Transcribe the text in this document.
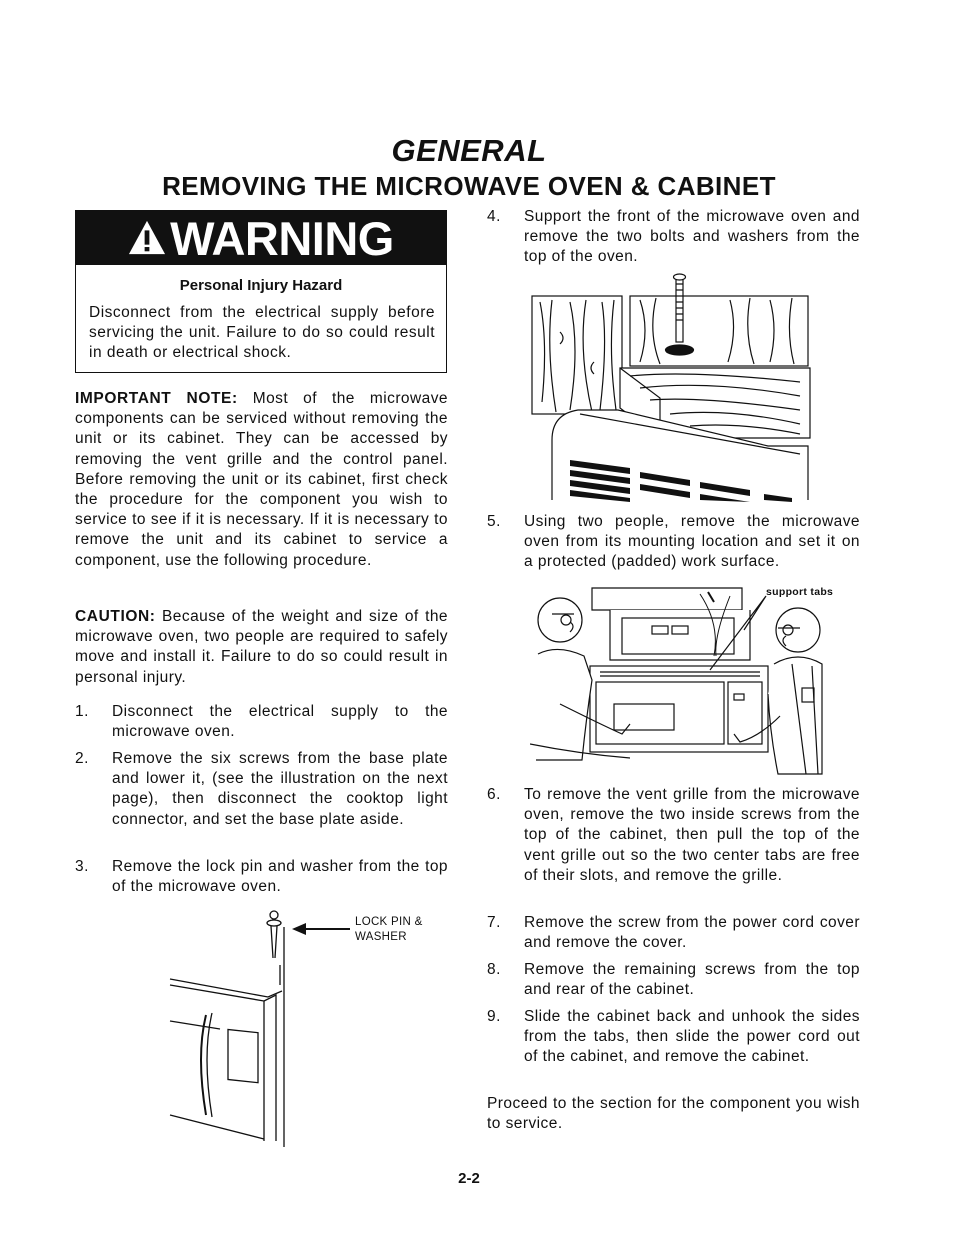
GENERAL
REMOVING THE MICROWAVE OVEN & CABINET
WARNING
Personal Injury Hazard
Disconnect from the electrical supply before servicing the unit. Failure to do so could result in death or electrical shock.
IMPORTANT NOTE: Most of the microwave components can be serviced without removing the unit or its cabinet. They can be accessed by removing the vent grille and the control panel. Before removing the unit or its cabinet, first check the procedure for the component you wish to service to see if it is necessary. If it is necessary to remove the unit and its cabinet to service a component, use the following procedure.
CAUTION: Because of the weight and size of the microwave oven, two people are required to safely move and install it. Failure to do so could result in personal injury.
1. Disconnect the electrical supply to the microwave oven.
2. Remove the six screws from the base plate and lower it, (see the illustration on the next page), then disconnect the cooktop light connector, and set the base plate aside.
3. Remove the lock pin and washer from the top of the microwave oven.
4. Support the front of the microwave oven and remove the two bolts and washers from the top of the oven.
5. Using two people, remove the microwave oven from its mounting location and set it on a protected (padded) work surface.
6. To remove the vent grille from the microwave oven, remove the two inside screws from the top of the cabinet, then pull the top of the vent grille out so the two center tabs are free of their slots, and remove the grille.
7. Remove the screw from the power cord cover and remove the cover.
8. Remove the remaining screws from the top and rear of the cabinet.
9. Slide the cabinet back and unhook the sides from the tabs, then slide the power cord out of the cabinet, and remove the cabinet.
Proceed to the section for the component you wish to service.
support tabs
LOCK PIN &
WASHER
2-2
